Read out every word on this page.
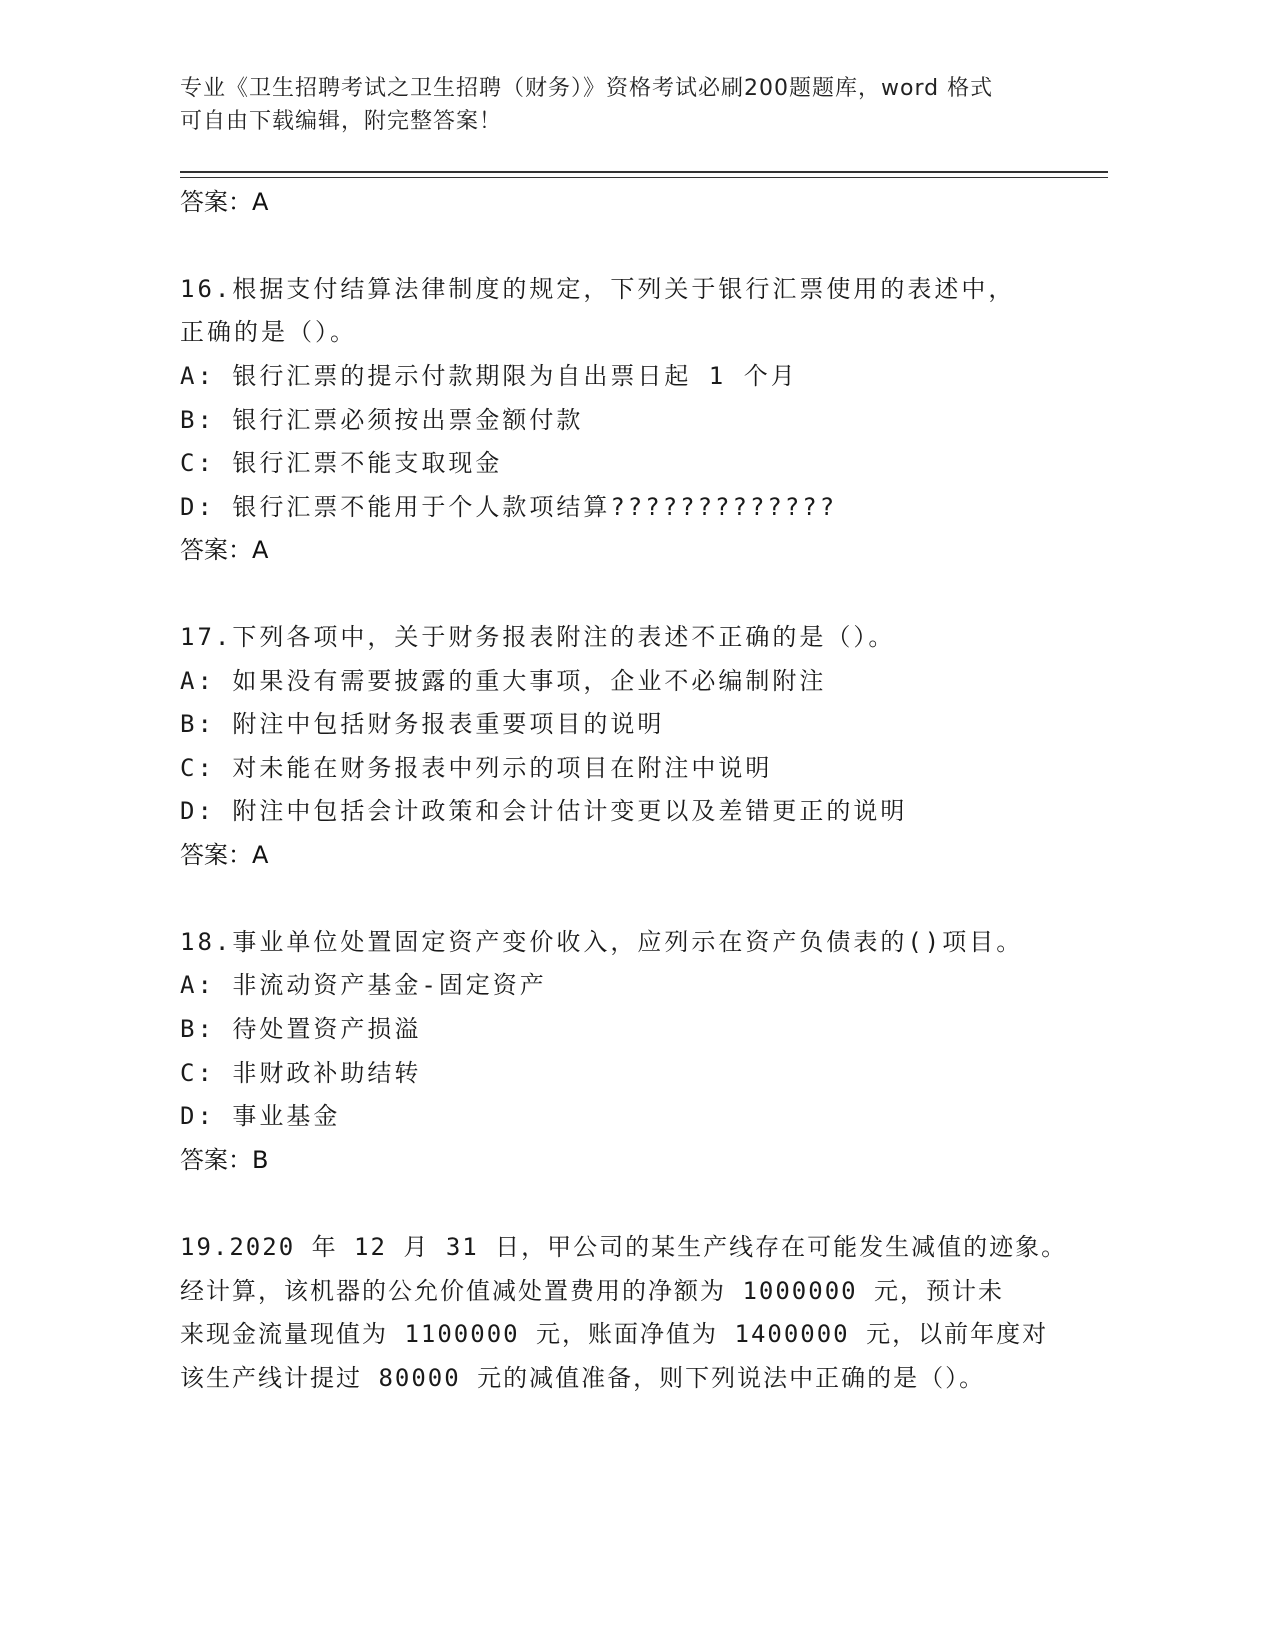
专业《卫生招聘考试之卫生招聘（财务）》资格考试必刷200题题库，word 格式
可自由下载编辑，附完整答案！
答案：A
16.根据支付结算法律制度的规定，下列关于银行汇票使用的表述中，
正确的是（）。
A: 银行汇票的提示付款期限为自出票日起 1 个月
B: 银行汇票必须按出票金额付款
C: 银行汇票不能支取现金
D: 银行汇票不能用于个人款项结算?????????????
答案：A
17.下列各项中，关于财务报表附注的表述不正确的是（）。
A: 如果没有需要披露的重大事项，企业不必编制附注
B: 附注中包括财务报表重要项目的说明
C: 对未能在财务报表中列示的项目在附注中说明
D: 附注中包括会计政策和会计估计变更以及差错更正的说明
答案：A
18.事业单位处置固定资产变价收入，应列示在资产负债表的()项目。
A: 非流动资产基金-固定资产
B: 待处置资产损溢
C: 非财政补助结转
D: 事业基金
答案：B
19.2020 年 12 月 31 日，甲公司的某生产线存在可能发生减值的迹象。
经计算，该机器的公允价值减处置费用的净额为 1000000 元，预计未
来现金流量现值为 1100000 元，账面净值为 1400000 元，以前年度对
该生产线计提过 80000 元的减值准备，则下列说法中正确的是（）。
